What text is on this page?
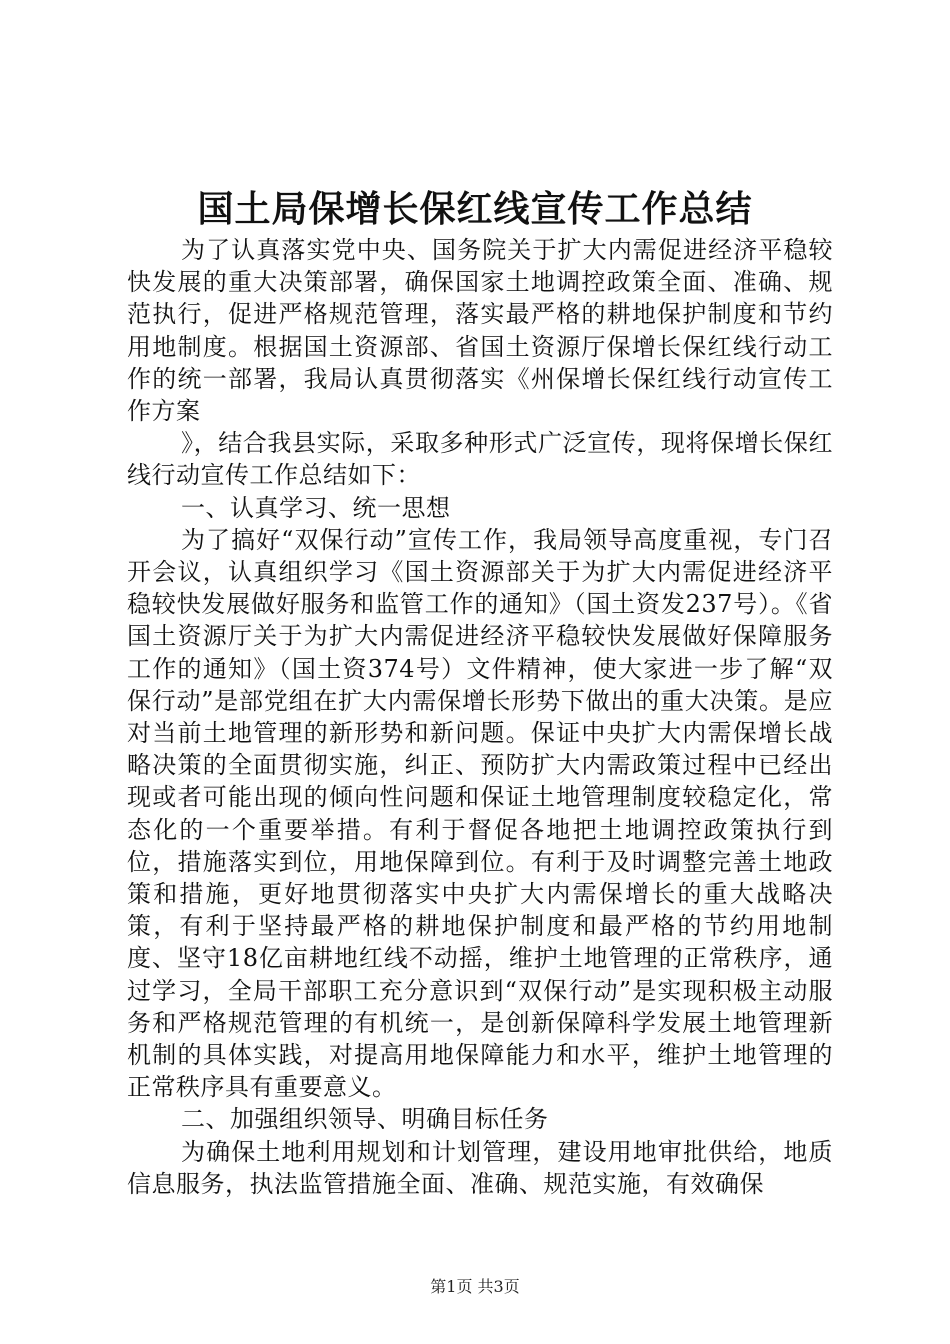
国土局保增长保红线宣传工作总结

为了认真落实党中央、国务院关于扩大内需促进经济平稳较快发展的重大决策部署，确保国家土地调控政策全面、准确、规范执行，促进严格规范管理，落实最严格的耕地保护制度和节约用地制度。根据国土资源部、省国土资源厅保增长保红线行动工作的统一部署，我局认真贯彻落实《州保增长保红线行动宣传工作方案

》，结合我县实际，采取多种形式广泛宣传，现将保增长保红线行动宣传工作总结如下：

一、认真学习、统一思想

为了搞好“双保行动”宣传工作，我局领导高度重视，专门召开会议，认真组织学习《国土资源部关于为扩大内需促进经济平稳较快发展做好服务和监管工作的通知》（国土资发237号）。《省国土资源厅关于为扩大内需促进经济平稳较快发展做好保障服务工作的通知》（国土资374号）文件精神，使大家进一步了解“双保行动”是部党组在扩大内需保增长形势下做出的重大决策。是应对当前土地管理的新形势和新问题。保证中央扩大内需保增长战略决策的全面贯彻实施，纠正、预防扩大内需政策过程中已经出现或者可能出现的倾向性问题和保证土地管理制度较稳定化，常态化的一个重要举措。有利于督促各地把土地调控政策执行到位，措施落实到位，用地保障到位。有利于及时调整完善土地政策和措施，更好地贯彻落实中央扩大内需保增长的重大战略决策，有利于坚持最严格的耕地保护制度和最严格的节约用地制度、坚守18亿亩耕地红线不动摇，维护土地管理的正常秩序，通过学习，全局干部职工充分意识到“双保行动”是实现积极主动服务和严格规范管理的有机统一，是创新保障科学发展土地管理新机制的具体实践，对提高用地保障能力和水平，维护土地管理的正常秩序具有重要意义。

二、加强组织领导、明确目标任务

为确保土地利用规划和计划管理，建设用地审批供给，地质信息服务，执法监管措施全面、准确、规范实施，有效确保

第1页 共3页
